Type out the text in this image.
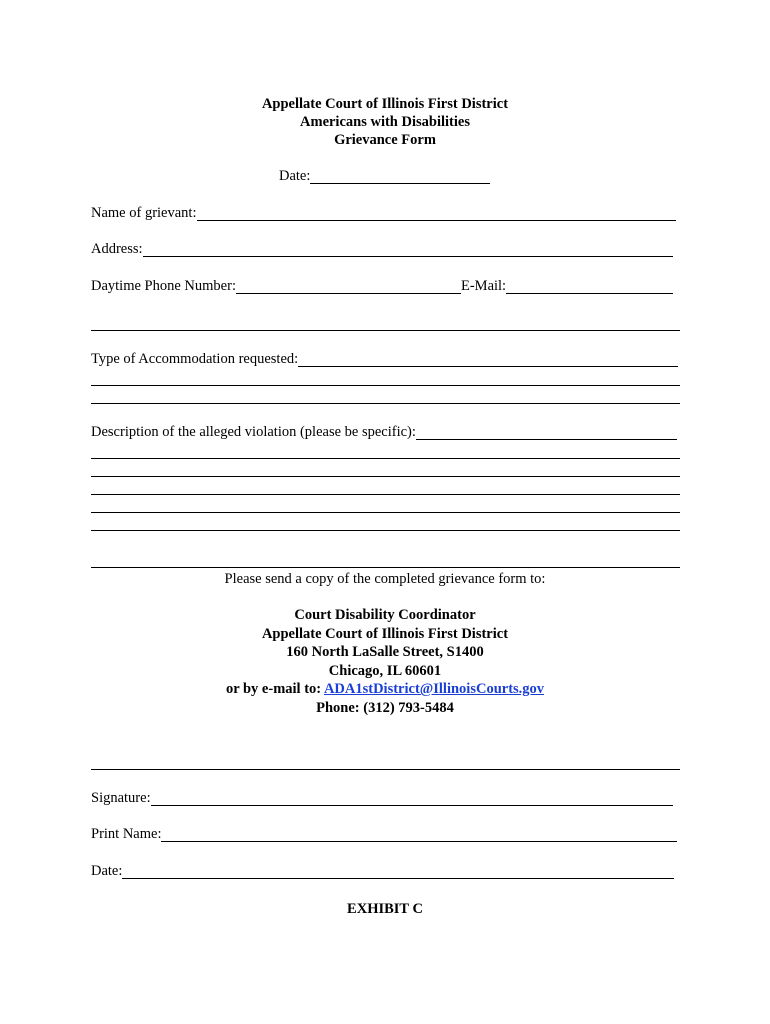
Appellate Court of Illinois First District
Americans with Disabilities
Grievance Form
Date:
Name of grievant:
Address:
Daytime Phone Number:	E-Mail:
Type of Accommodation requested:
Description of the alleged violation (please be specific):
Please send a copy of the completed grievance form to:
Court Disability Coordinator
Appellate Court of Illinois First District
160 North LaSalle Street, S1400
Chicago, IL 60601
or by e-mail to: ADA1stDistrict@IllinoisCourts.gov
Phone: (312) 793-5484
Signature:
Print Name:
Date:
EXHIBIT C
